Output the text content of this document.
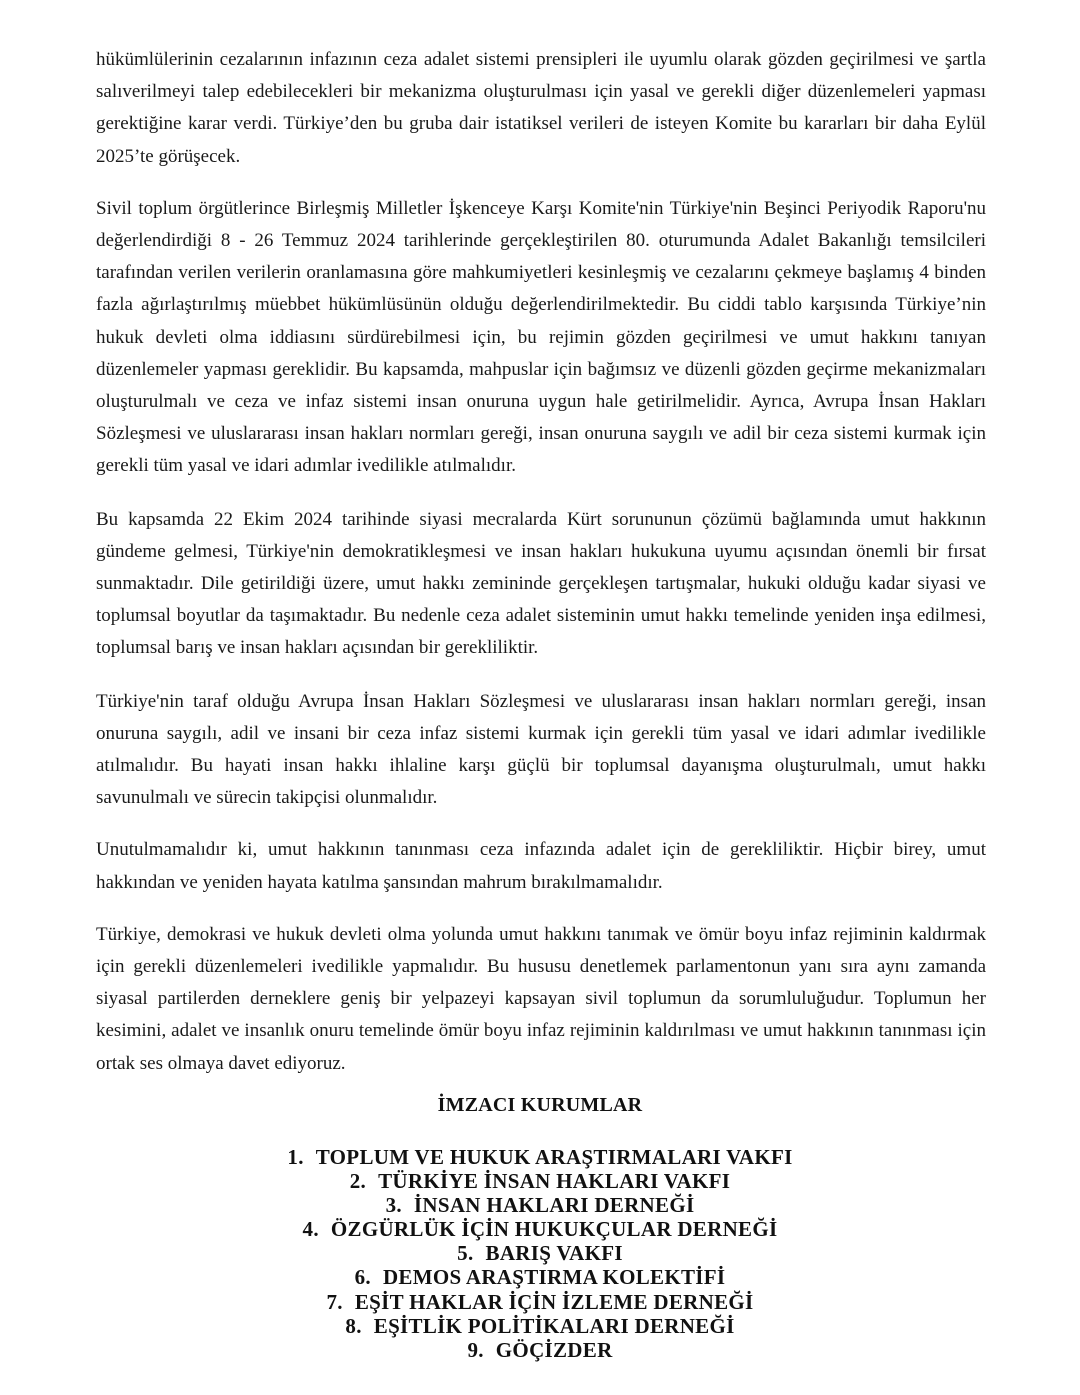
hükümlülerinin cezalarının infazının ceza adalet sistemi prensipleri ile uyumlu olarak gözden geçirilmesi ve şartla salıverilmeyi talep edebilecekleri bir mekanizma oluşturulması için yasal ve gerekli diğer düzenlemeleri yapması gerektiğine karar verdi. Türkiye’den bu gruba dair istatiksel verileri de isteyen Komite bu kararları bir daha Eylül 2025’te görüşecek.

Sivil toplum örgütlerince Birleşmiş Milletler İşkenceye Karşı Komite'nin Türkiye'nin Beşinci Periyodik Raporu'nu değerlendirdiği 8 - 26 Temmuz 2024 tarihlerinde gerçekleştirilen 80. oturumunda Adalet Bakanlığı temsilcileri tarafından verilen verilerin oranlamasına göre mahkumiyetleri kesinleşmiş ve cezalarını çekmeye başlamış 4 binden fazla ağırlaştırılmış müebbet hükümlüsünün olduğu değerlendirilmektedir. Bu ciddi tablo karşısında Türkiye’nin hukuk devleti olma iddiasını sürdürebilmesi için, bu rejimin gözden geçirilmesi ve umut hakkını tanıyan düzenlemeler yapması gereklidir. Bu kapsamda, mahpuslar için bağımsız ve düzenli gözden geçirme mekanizmaları oluşturulmalı ve ceza ve infaz sistemi insan onuruna uygun hale getirilmelidir. Ayrıca, Avrupa İnsan Hakları Sözleşmesi ve uluslararası insan hakları normları gereği, insan onuruna saygılı ve adil bir ceza sistemi kurmak için gerekli tüm yasal ve idari adımlar ivedilikle atılmalıdır.

Bu kapsamda 22 Ekim 2024 tarihinde siyasi mecralarda Kürt sorununun çözümü bağlamında umut hakkının gündeme gelmesi, Türkiye'nin demokratikleşmesi ve insan hakları hukukuna uyumu açısından önemli bir fırsat sunmaktadır. Dile getirildiği üzere, umut hakkı zemininde gerçekleşen tartışmalar, hukuki olduğu kadar siyasi ve toplumsal boyutlar da taşımaktadır. Bu nedenle ceza adalet sisteminin umut hakkı temelinde yeniden inşa edilmesi, toplumsal barış ve insan hakları açısından bir gerekliliktir.

Türkiye'nin taraf olduğu Avrupa İnsan Hakları Sözleşmesi ve uluslararası insan hakları normları gereği, insan onuruna saygılı, adil ve insani bir ceza infaz sistemi kurmak için gerekli tüm yasal ve idari adımlar ivedilikle atılmalıdır. Bu hayati insan hakkı ihlaline karşı güçlü bir toplumsal dayanışma oluşturulmalı, umut hakkı savunulmalı ve sürecin takipçisi olunmalıdır.

Unutulmamalıdır ki, umut hakkının tanınması ceza infazında adalet için de gerekliliktir. Hiçbir birey, umut hakkından ve yeniden hayata katılma şansından mahrum bırakılmamalıdır.

Türkiye, demokrasi ve hukuk devleti olma yolunda umut hakkını tanımak ve ömür boyu infaz rejiminin kaldırmak için gerekli düzenlemeleri ivedilikle yapmalıdır. Bu hususu denetlemek parlamentonun yanı sıra aynı zamanda siyasal partilerden derneklere geniş bir yelpazeyi kapsayan sivil toplumun da sorumluluğudur. Toplumun her kesimini, adalet ve insanlık onuru temelinde ömür boyu infaz rejiminin kaldırılması ve umut hakkının tanınması için ortak ses olmaya davet ediyoruz.

İMZACI KURUMLAR
1. TOPLUM VE HUKUK ARAŞTIRMALARI VAKFI
2. TÜRKİYE İNSAN HAKLARI VAKFI
3. İNSAN HAKLARI DERNEĞİ
4. ÖZGÜRLÜK İÇİN HUKUKÇULAR DERNEĞİ
5. BARIŞ VAKFI
6. DEMOS ARAŞTIRMA KOLEKTİFİ
7. EŞİT HAKLAR İÇİN İZLEME DERNEĞİ
8. EŞİTLİK POLİTİKALARI DERNEĞİ
9. GÖÇİZDER
